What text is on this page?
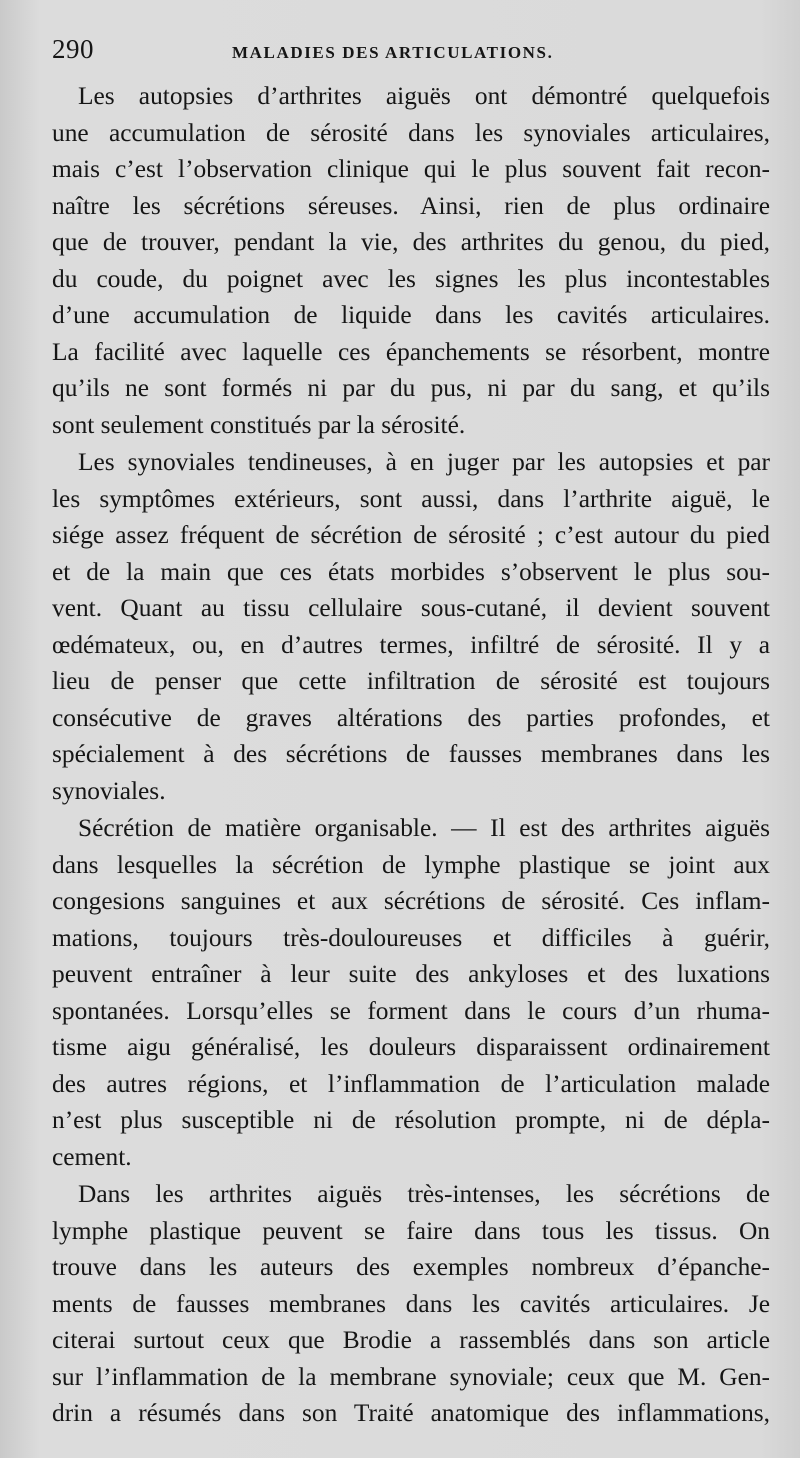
290	MALADIES DES ARTICULATIONS.

Les autopsies d’arthrites aiguës ont démontré quelquefois
une accumulation de sérosité dans les synoviales articulaires,
mais c’est l’observation clinique qui le plus souvent fait recon-
naître les sécrétions séreuses. Ainsi, rien de plus ordinaire
que de trouver, pendant la vie, des arthrites du genou, du pied,
du coude, du poignet avec les signes les plus incontestables
d’une accumulation de liquide dans les cavités articulaires.
La facilité avec laquelle ces épanchements se résorbent, montre
qu’ils ne sont formés ni par du pus, ni par du sang, et qu’ils
sont seulement constitués par la sérosité.

Les synoviales tendineuses, à en juger par les autopsies et par
les symptômes extérieurs, sont aussi, dans l’arthrite aiguë, le
siége assez fréquent de sécrétion de sérosité ; c’est autour du pied
et de la main que ces états morbides s’observent le plus sou-
vent. Quant au tissu cellulaire sous-cutané, il devient souvent
œdémateux, ou, en d’autres termes, infiltré de sérosité. Il y a
lieu de penser que cette infiltration de sérosité est toujours
consécutive de graves altérations des parties profondes, et
spécialement à des sécrétions de fausses membranes dans les
synoviales.

Sécrétion de matière organisable. — Il est des arthrites aiguës
dans lesquelles la sécrétion de lymphe plastique se joint aux
congesions sanguines et aux sécrétions de sérosité. Ces inflam-
mations, toujours très-douloureuses et difficiles à guérir,
peuvent entraîner à leur suite des ankyloses et des luxations
spontanées. Lorsqu’elles se forment dans le cours d’un rhuma-
tisme aigu généralisé, les douleurs disparaissent ordinairement
des autres régions, et l’inflammation de l’articulation malade
n’est plus susceptible ni de résolution prompte, ni de dépla-
cement.

Dans les arthrites aiguës très-intenses, les sécrétions de
lymphe plastique peuvent se faire dans tous les tissus. On
trouve dans les auteurs des exemples nombreux d’épanche-
ments de fausses membranes dans les cavités articulaires. Je
citerai surtout ceux que Brodie a rassemblés dans son article
sur l’inflammation de la membrane synoviale; ceux que M. Gen-
drin a résumés dans son Traité anatomique des inflammations,
